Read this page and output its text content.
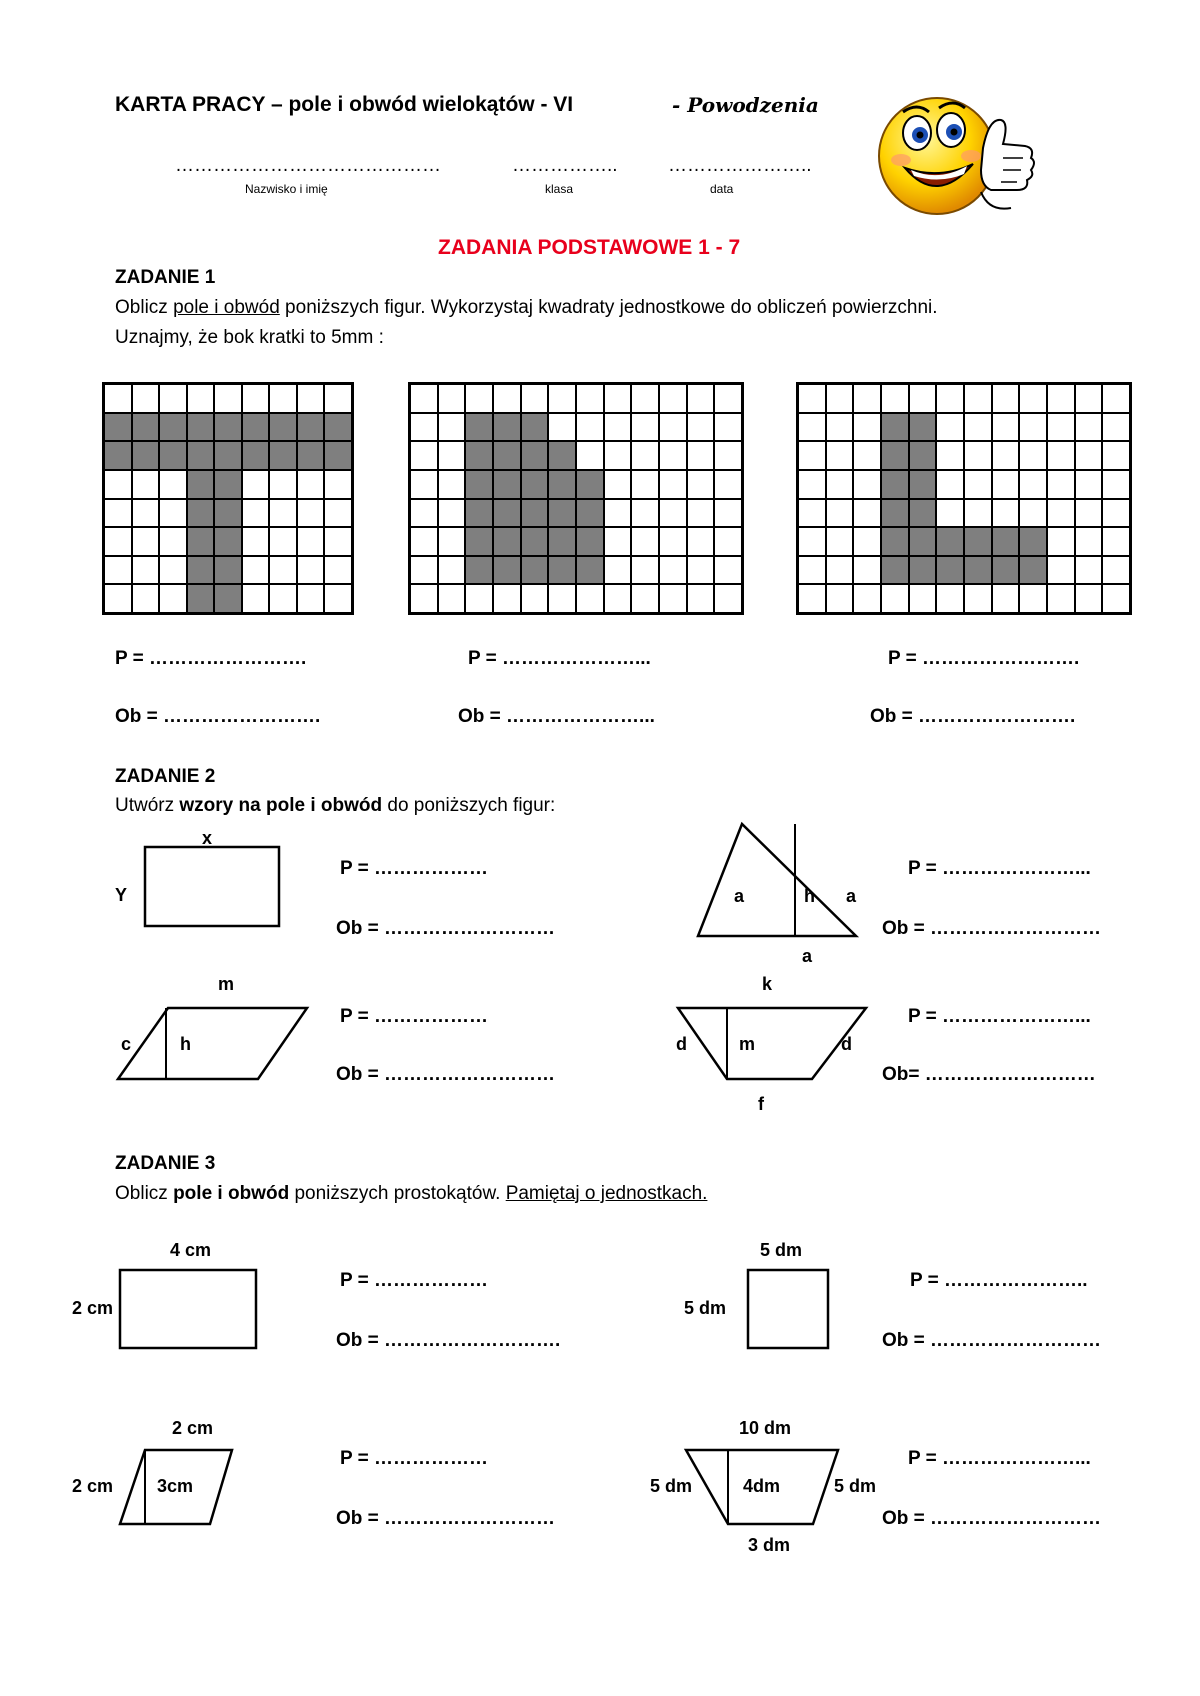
KARTA PRACY – pole i obwód wielokątów - VI	- Powodzenia
……………………………………	……………..	…………………..
Nazwisko i imię	klasa	data
ZADANIA PODSTAWOWE 1 - 7
ZADANIE 1
Oblicz pole i obwód poniższych figur. Wykorzystaj kwadraty jednostkowe do obliczeń powierzchni.
Uznajmy, że bok kratki to 5mm :
P = …………………….	P = …………………...	P = …………………….
Ob = …………………….	Ob = …………………...	Ob = …………………….
ZADANIE 2
Utwórz wzory na pole i obwód do poniższych figur:
x
Y
P = ………………
Ob = ………………………
a	h a
a
P = …………………...
Ob = ………………………
m
c	h
P = ………………
Ob = ………………………
k
d	m	d
f
P = …………………...
Ob= ………………………
ZADANIE 3
Oblicz pole i obwód poniższych prostokątów. Pamiętaj o jednostkach.
4 cm
2 cm
P = ………………
Ob = ……………………….
5 dm
5 dm
P = …………………..
Ob = ………………………
2 cm
2 cm 3cm
P = ………………
Ob = ………………………
10 dm
5 dm	4dm	5 dm
3 dm
P = …………………...
Ob = ………………………
